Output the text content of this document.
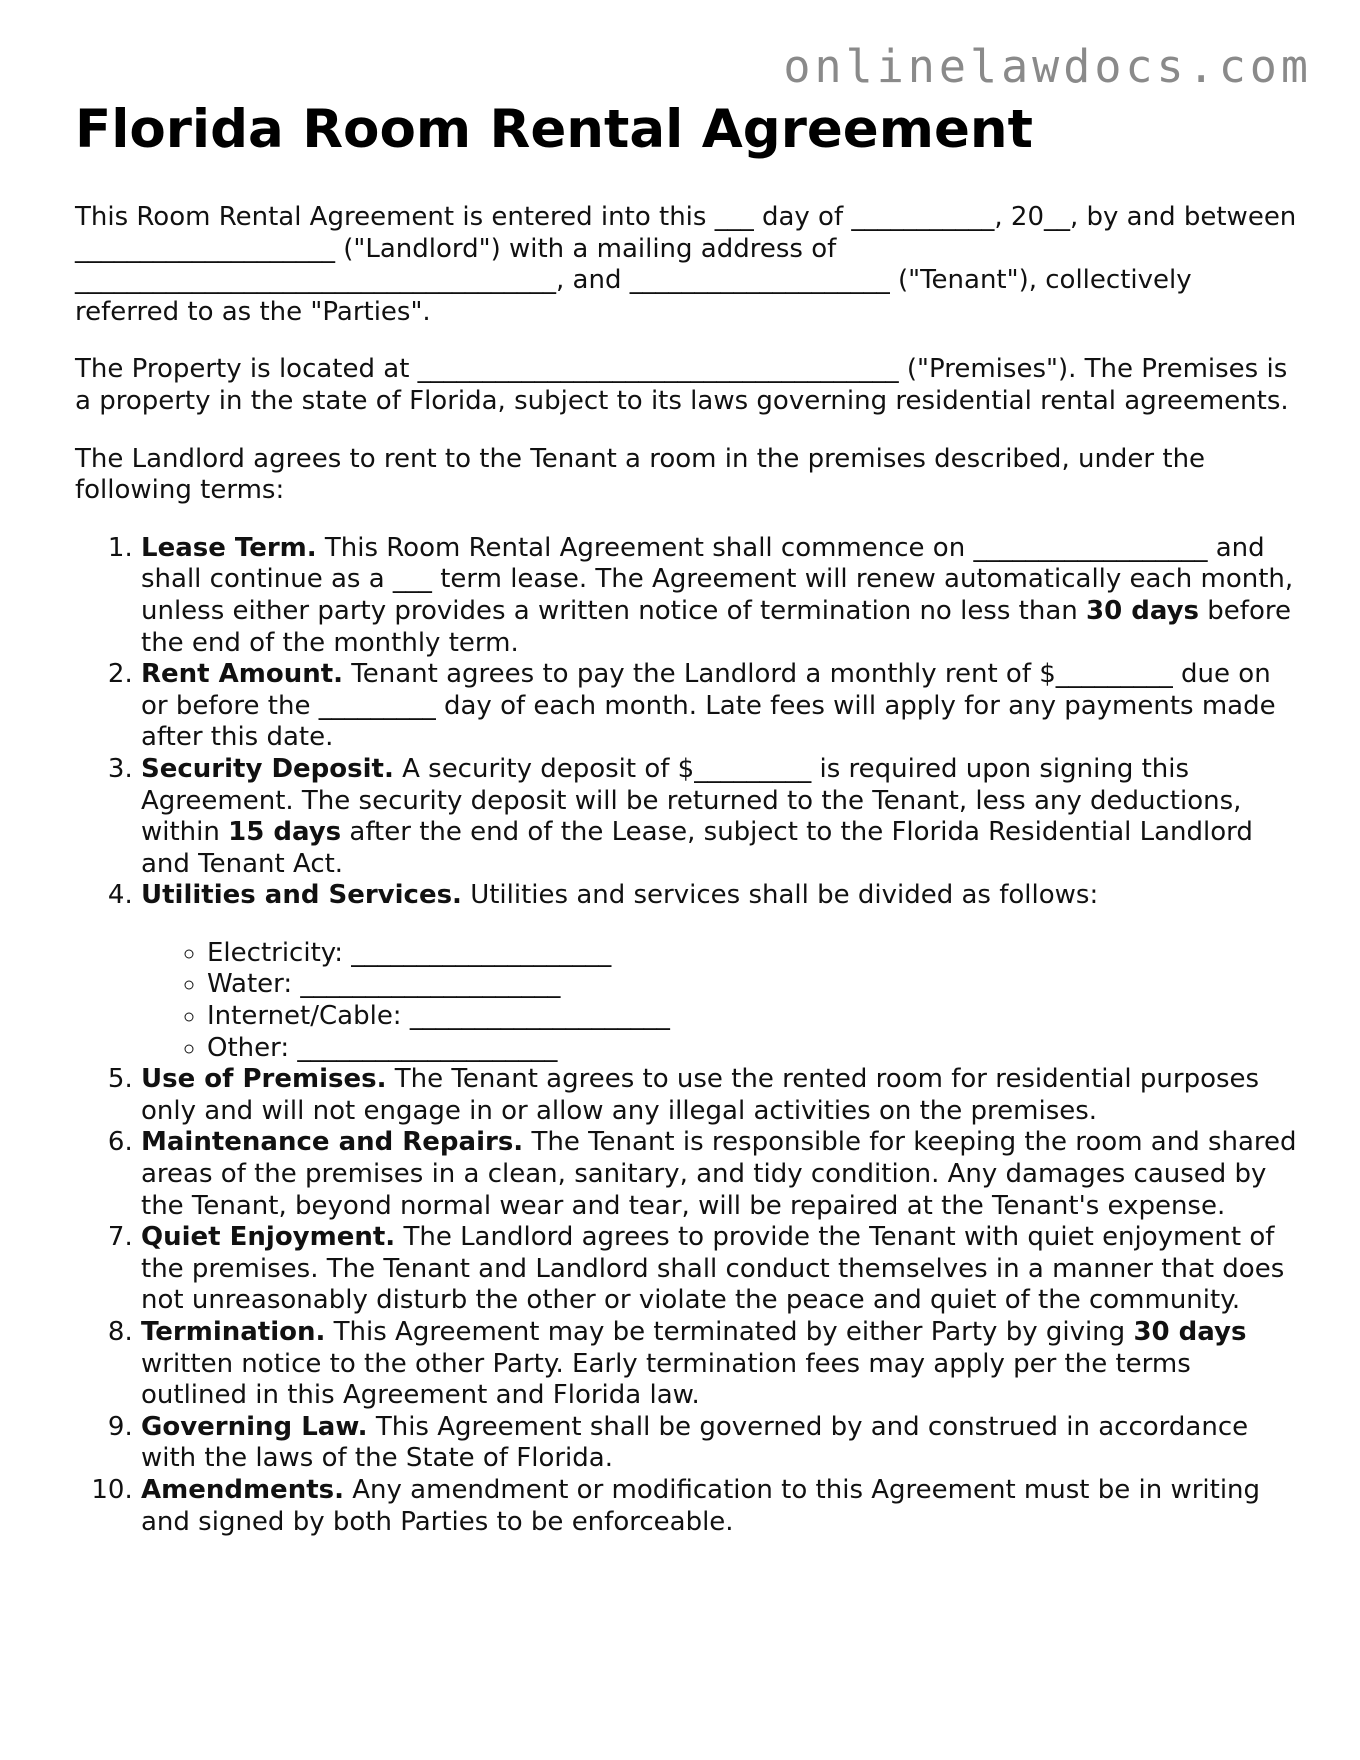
onlinelawdocs.com
Florida Room Rental Agreement

This Room Rental Agreement is entered into this ___ day of ___________, 20__, by and between ____________________ ("Landlord") with a mailing address of _____________________________________, and ____________________ ("Tenant"), collectively referred to as the "Parties".

The Property is located at _____________________________________ ("Premises"). The Premises is a property in the state of Florida, subject to its laws governing residential rental agreements.

The Landlord agrees to rent to the Tenant a room in the premises described, under the following terms:

1. Lease Term. This Room Rental Agreement shall commence on __________________ and shall continue as a ___ term lease. The Agreement will renew automatically each month, unless either party provides a written notice of termination no less than 30 days before the end of the monthly term.
2. Rent Amount. Tenant agrees to pay the Landlord a monthly rent of $_________ due on or before the _________ day of each month. Late fees will apply for any payments made after this date.
3. Security Deposit. A security deposit of $_________ is required upon signing this Agreement. The security deposit will be returned to the Tenant, less any deductions, within 15 days after the end of the Lease, subject to the Florida Residential Landlord and Tenant Act.
4. Utilities and Services. Utilities and services shall be divided as follows:
◦ Electricity: ____________________
◦ Water: ____________________
◦ Internet/Cable: ____________________
◦ Other: ____________________
5. Use of Premises. The Tenant agrees to use the rented room for residential purposes only and will not engage in or allow any illegal activities on the premises.
6. Maintenance and Repairs. The Tenant is responsible for keeping the room and shared areas of the premises in a clean, sanitary, and tidy condition. Any damages caused by the Tenant, beyond normal wear and tear, will be repaired at the Tenant's expense.
7. Quiet Enjoyment. The Landlord agrees to provide the Tenant with quiet enjoyment of the premises. The Tenant and Landlord shall conduct themselves in a manner that does not unreasonably disturb the other or violate the peace and quiet of the community.
8. Termination. This Agreement may be terminated by either Party by giving 30 days written notice to the other Party. Early termination fees may apply per the terms outlined in this Agreement and Florida law.
9. Governing Law. This Agreement shall be governed by and construed in accordance with the laws of the State of Florida.
10. Amendments. Any amendment or modification to this Agreement must be in writing and signed by both Parties to be enforceable.
